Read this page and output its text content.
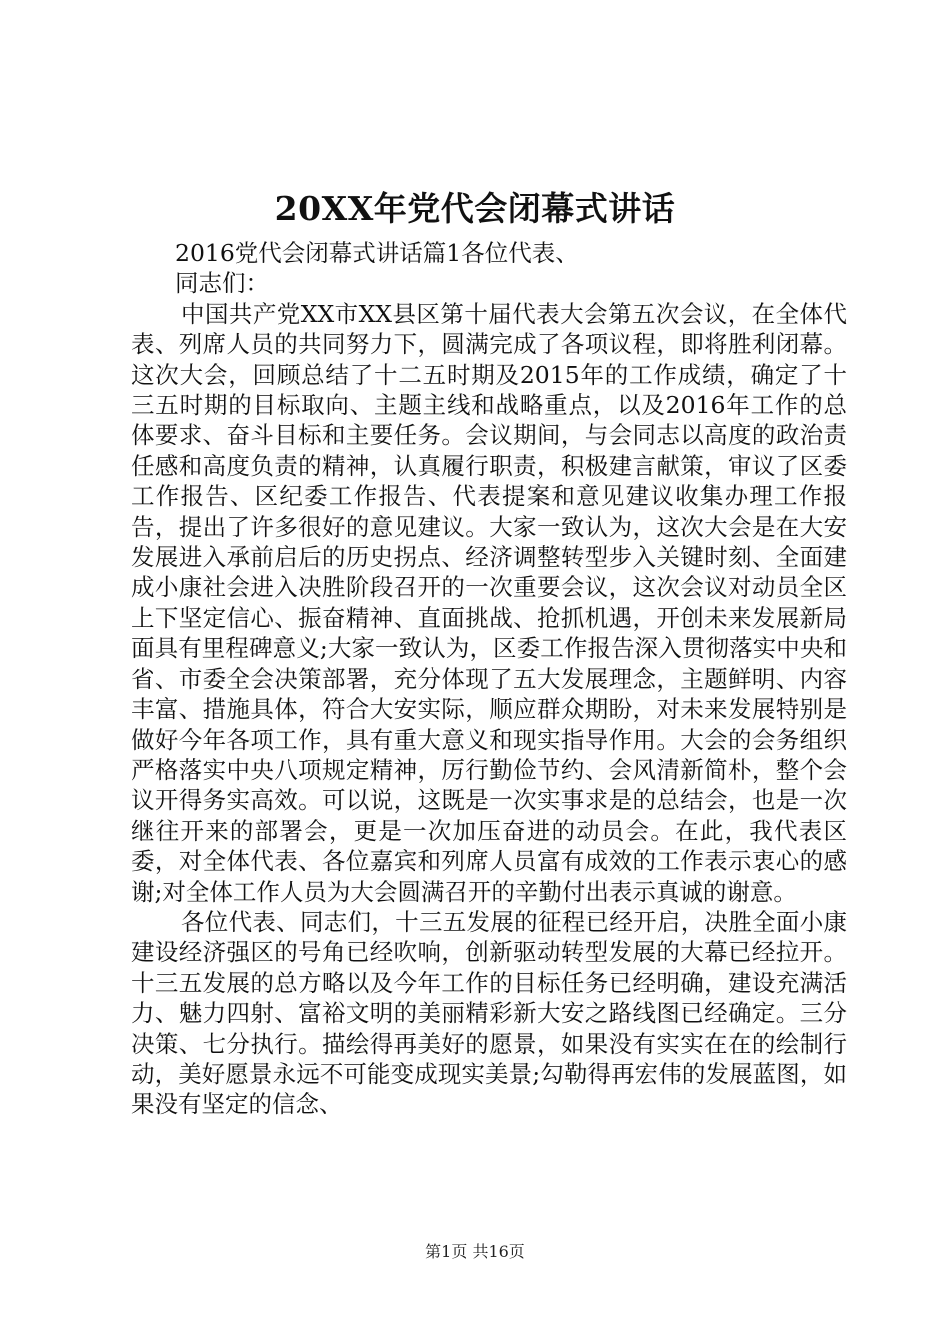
20XX年党代会闭幕式讲话

2016党代会闭幕式讲话篇1各位代表、

同志们：

中国共产党XX市XX县区第十届代表大会第五次会议，在全体代表、列席人员的共同努力下，圆满完成了各项议程，即将胜利闭幕。这次大会，回顾总结了十二五时期及2015年的工作成绩，确定了十三五时期的目标取向、主题主线和战略重点，以及2016年工作的总体要求、奋斗目标和主要任务。会议期间，与会同志以高度的政治责任感和高度负责的精神，认真履行职责，积极建言献策，审议了区委工作报告、区纪委工作报告、代表提案和意见建议收集办理工作报告，提出了许多很好的意见建议。大家一致认为，这次大会是在大安发展进入承前启后的历史拐点、经济调整转型步入关键时刻、全面建成小康社会进入决胜阶段召开的一次重要会议，这次会议对动员全区上下坚定信心、振奋精神、直面挑战、抢抓机遇，开创未来发展新局面具有里程碑意义;大家一致认为，区委工作报告深入贯彻落实中央和省、市委全会决策部署，充分体现了五大发展理念，主题鲜明、内容丰富、措施具体，符合大安实际，顺应群众期盼，对未来发展特别是做好今年各项工作，具有重大意义和现实指导作用。大会的会务组织严格落实中央八项规定精神，厉行勤俭节约、会风清新简朴，整个会议开得务实高效。可以说，这既是一次实事求是的总结会，也是一次继往开来的部署会，更是一次加压奋进的动员会。在此，我代表区委，对全体代表、各位嘉宾和列席人员富有成效的工作表示衷心的感谢;对全体工作人员为大会圆满召开的辛勤付出表示真诚的谢意。

各位代表、同志们，十三五发展的征程已经开启，决胜全面小康建设经济强区的号角已经吹响，创新驱动转型发展的大幕已经拉开。十三五发展的总方略以及今年工作的目标任务已经明确，建设充满活力、魅力四射、富裕文明的美丽精彩新大安之路线图已经确定。三分决策、七分执行。描绘得再美好的愿景，如果没有实实在在的绘制行动，美好愿景永远不可能变成现实美景;勾勒得再宏伟的发展蓝图，如果没有坚定的信念、

第1页 共16页
